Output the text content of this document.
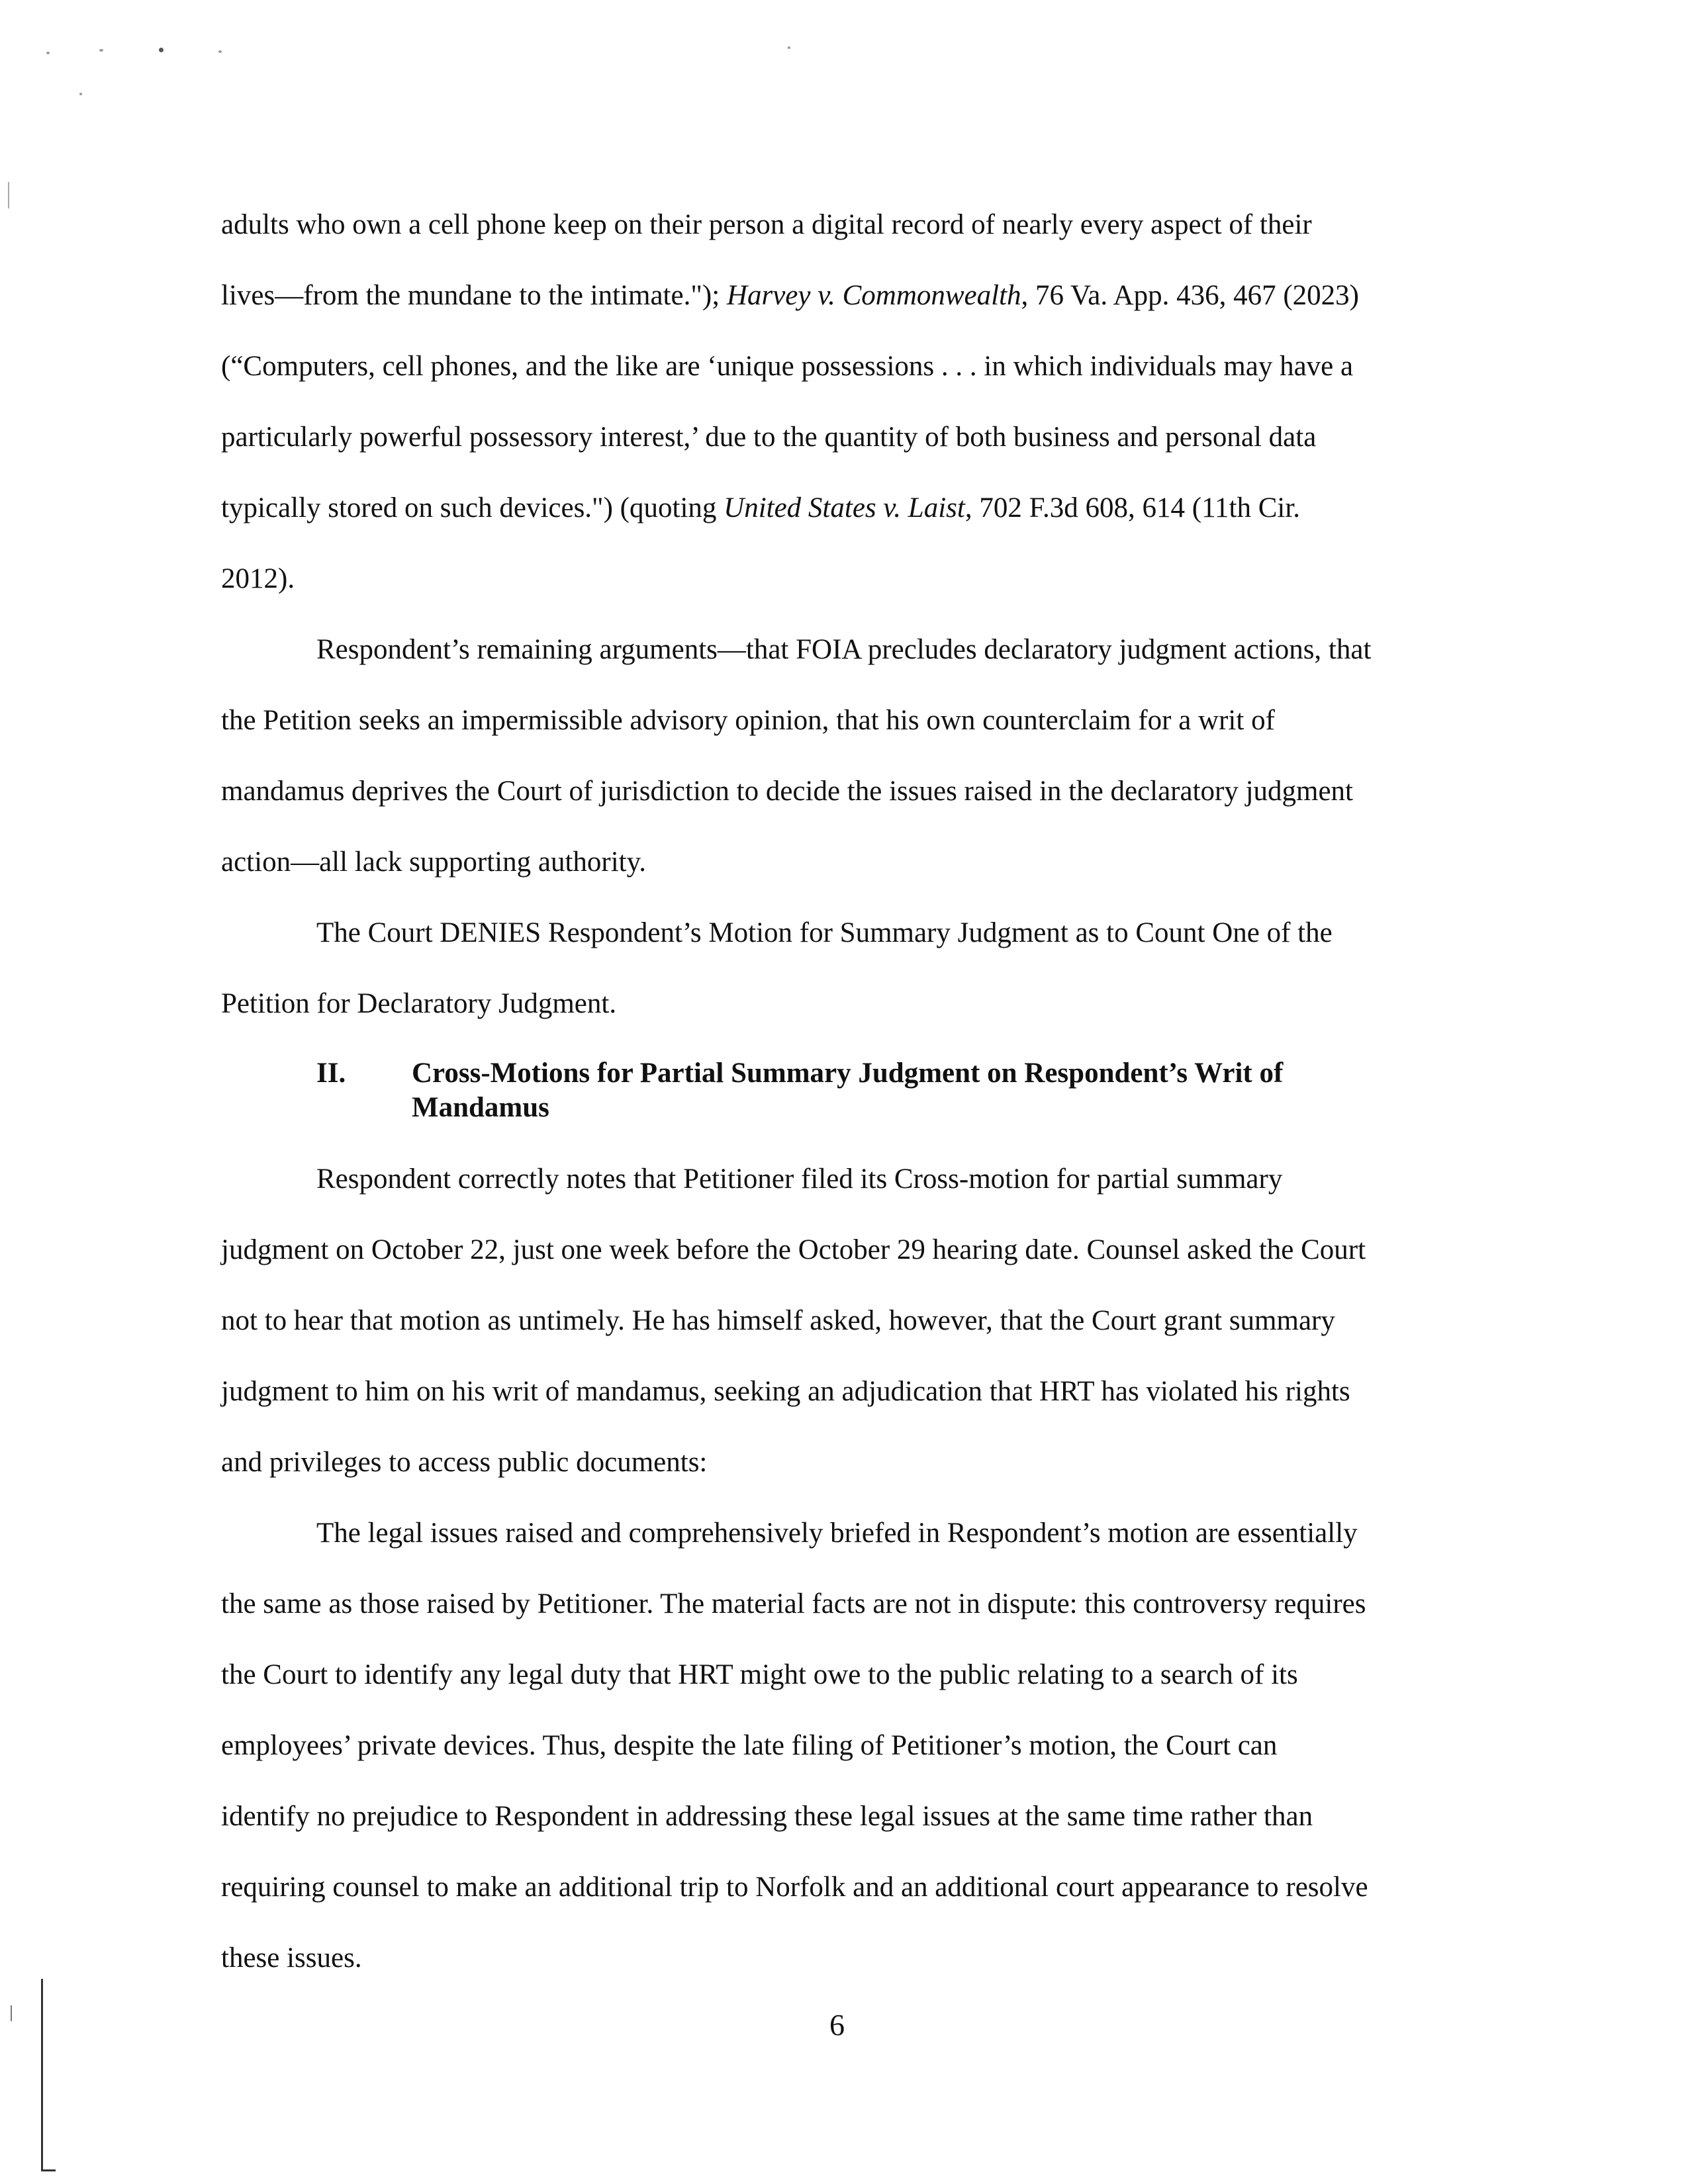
adults who own a cell phone keep on their person a digital record of nearly every aspect of their

lives—from the mundane to the intimate."); Harvey v. Commonwealth, 76 Va. App. 436, 467 (2023)

(“Computers, cell phones, and the like are ‘unique possessions . . . in which individuals may have a

particularly powerful possessory interest,’ due to the quantity of both business and personal data

typically stored on such devices.") (quoting United States v. Laist, 702 F.3d 608, 614 (11th Cir.

2012).

Respondent’s remaining arguments—that FOIA precludes declaratory judgment actions, that

the Petition seeks an impermissible advisory opinion, that his own counterclaim for a writ of

mandamus deprives the Court of jurisdiction to decide the issues raised in the declaratory judgment

action—all lack supporting authority.

The Court DENIES Respondent’s Motion for Summary Judgment as to Count One of the

Petition for Declaratory Judgment.

II. Cross-Motions for Partial Summary Judgment on Respondent’s Writ of
Mandamus

Respondent correctly notes that Petitioner filed its Cross-motion for partial summary

judgment on October 22, just one week before the October 29 hearing date. Counsel asked the Court

not to hear that motion as untimely. He has himself asked, however, that the Court grant summary

judgment to him on his writ of mandamus, seeking an adjudication that HRT has violated his rights

and privileges to access public documents:

The legal issues raised and comprehensively briefed in Respondent’s motion are essentially

the same as those raised by Petitioner. The material facts are not in dispute: this controversy requires

the Court to identify any legal duty that HRT might owe to the public relating to a search of its

employees’ private devices. Thus, despite the late filing of Petitioner’s motion, the Court can

identify no prejudice to Respondent in addressing these legal issues at the same time rather than

requiring counsel to make an additional trip to Norfolk and an additional court appearance to resolve

these issues.

6
